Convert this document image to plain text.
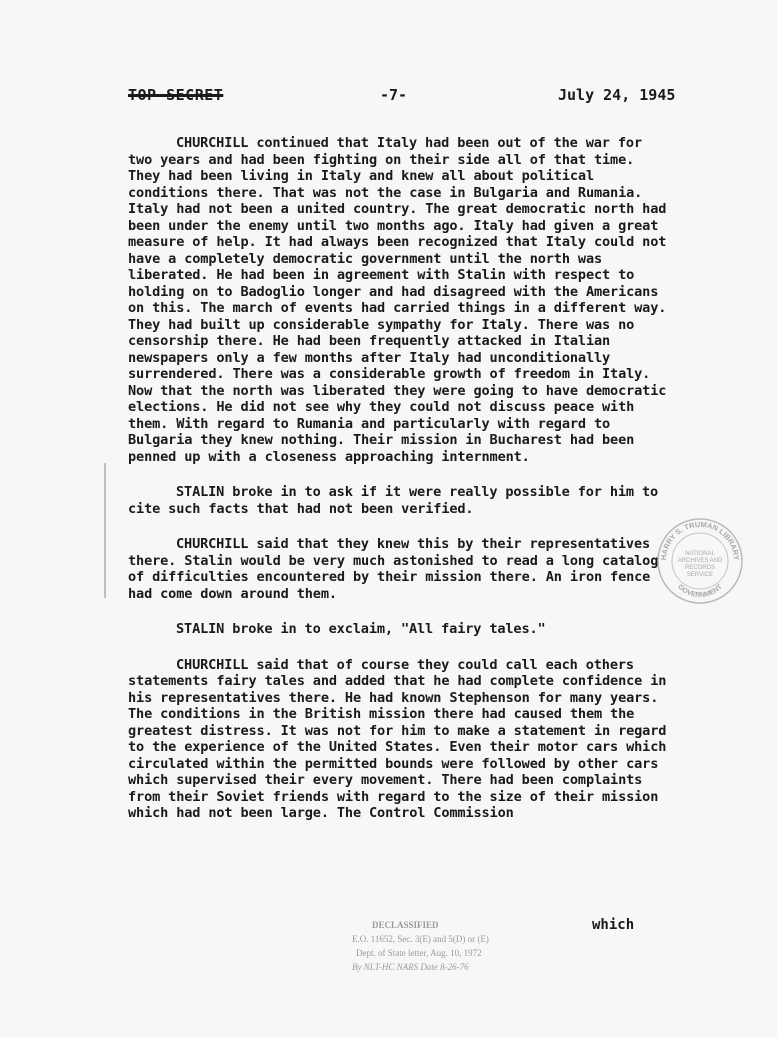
TOP SECRET	-7-	July 24, 1945

CHURCHILL continued that Italy had been out of the war for two years and had been fighting on their side all of that time. They had been living in Italy and knew all about political conditions there. That was not the case in Bulgaria and Rumania. Italy had not been a united country. The great democratic north had been under the enemy until two months ago. Italy had given a great measure of help. It had always been recognized that Italy could not have a completely democratic government until the north was liberated. He had been in agreement with Stalin with respect to holding on to Badoglio longer and had disagreed with the Americans on this. The march of events had carried things in a different way. They had built up considerable sympathy for Italy. There was no censorship there. He had been frequently attacked in Italian newspapers only a few months after Italy had unconditionally surrendered. There was a considerable growth of freedom in Italy. Now that the north was liberated they were going to have democratic elections. He did not see why they could not discuss peace with them. With regard to Rumania and particularly with regard to Bulgaria they knew nothing. Their mission in Bucharest had been penned up with a closeness approaching internment.

STALIN broke in to ask if it were really possible for him to cite such facts that had not been verified.

CHURCHILL said that they knew this by their representatives there. Stalin would be very much astonished to read a long catalog of difficulties encountered by their mission there. An iron fence had come down around them.

STALIN broke in to exclaim, "All fairy tales."

CHURCHILL said that of course they could call each others statements fairy tales and added that he had complete confidence in his representatives there. He had known Stephenson for many years. The conditions in the British mission there had caused them the greatest distress. It was not for him to make a statement in regard to the experience of the United States. Even their motor cars which circulated within the permitted bounds were followed by other cars which supervised their every movement. There had been complaints from their Soviet friends with regard to the size of their mission which had not been large. The Control Commission

which
HARRY S. TRUMAN LIBRARY
GOVERNMENT
NATIONAL
ARCHIVES AND
RECORDS
SERVICE
DECLASSIFIED
E.O. 11652, Sec. 3(E) and 5(D) or (E)
Dept. of State letter, Aug. 10, 1972
By NLT-HC NARS Date 8-26-76
